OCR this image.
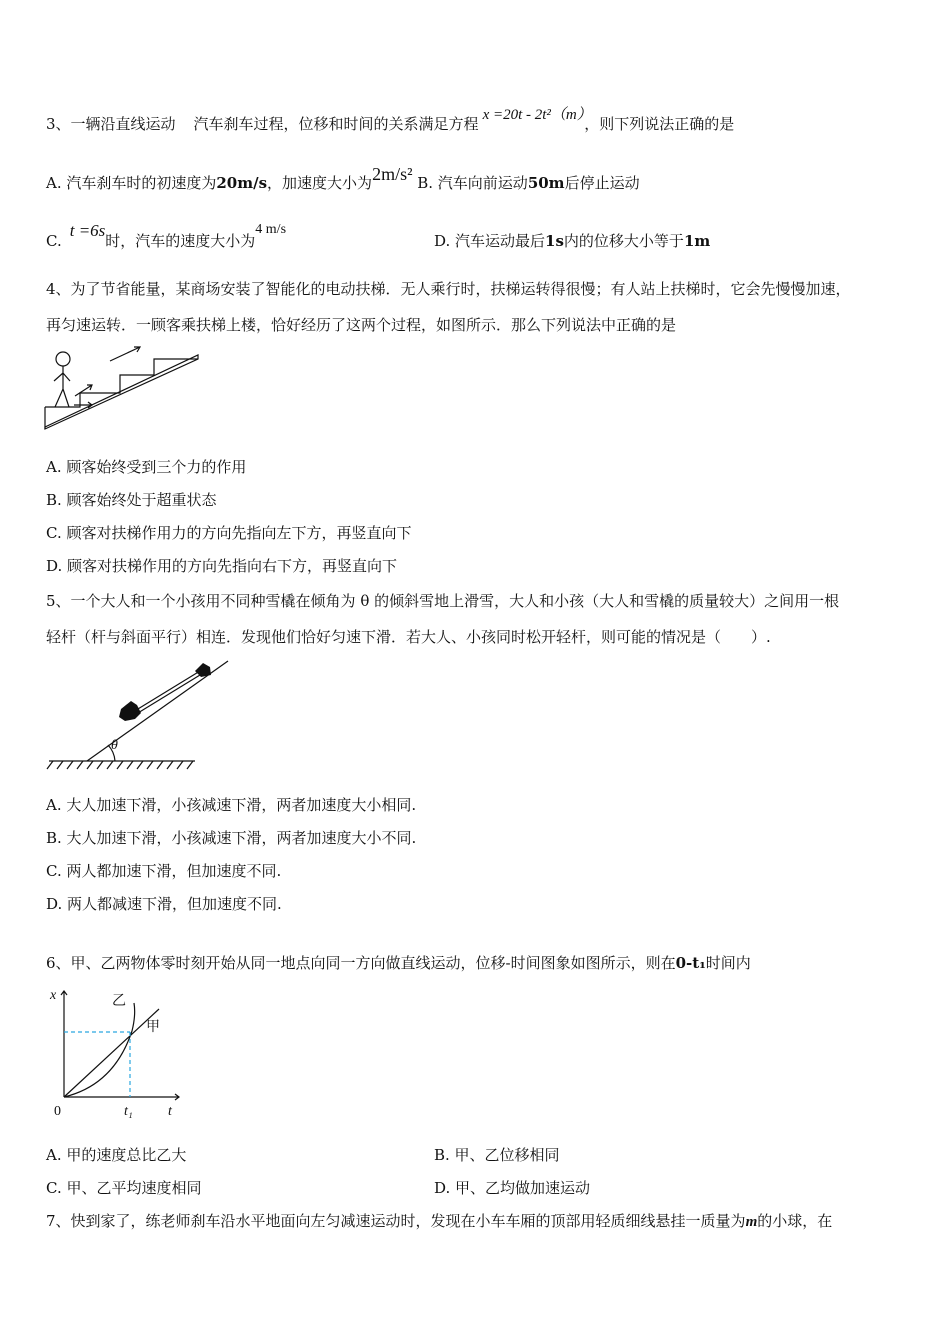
3、一辆沿直线运动 汽车刹车过程，位移和时间的关系满足方程 x =20t - 2t²（m），则下列说法正确的是
A. 汽车刹车时的初速度为20m/s，加速度大小为2m/s² B. 汽车向前运动50m后停止运动
C.t =6s时，汽车的速度大小为4 m/s
D. 汽车运动最后1s内的位移大小等于1m
4、为了节省能量，某商场安装了智能化的电动扶梯．无人乘行时，扶梯运转得很慢；有人站上扶梯时，它会先慢慢加速，
再匀速运转．一顾客乘扶梯上楼，恰好经历了这两个过程，如图所示．那么下列说法中正确的是
A. 顾客始终受到三个力的作用
B. 顾客始终处于超重状态
C. 顾客对扶梯作用力的方向先指向左下方，再竖直向下
D. 顾客对扶梯作用的方向先指向右下方，再竖直向下
5、一个大人和一个小孩用不同种雪橇在倾角为 θ 的倾斜雪地上滑雪，大人和小孩（大人和雪橇的质量较大）之间用一根
轻杆（杆与斜面平行）相连．发现他们恰好匀速下滑．若大人、小孩同时松开轻杆，则可能的情况是（　　）.
θ
A. 大人加速下滑，小孩减速下滑，两者加速度大小相同.
B. 大人加速下滑，小孩减速下滑，两者加速度大小不同.
C. 两人都加速下滑，但加速度不同.
D. 两人都减速下滑，但加速度不同.
6、甲、乙两物体零时刻开始从同一地点向同一方向做直线运动，位移-时间图象如图所示，则在0-t₁时间内
x
t
0	t₁
乙
甲
A. 甲的速度总比乙大	B. 甲、乙位移相同
C. 甲、乙平均速度相同	D. 甲、乙均做加速运动
7、快到家了，练老师刹车沿水平地面向左匀减速运动时，发现在小车车厢的顶部用轻质细线悬挂一质量为m的小球，在
